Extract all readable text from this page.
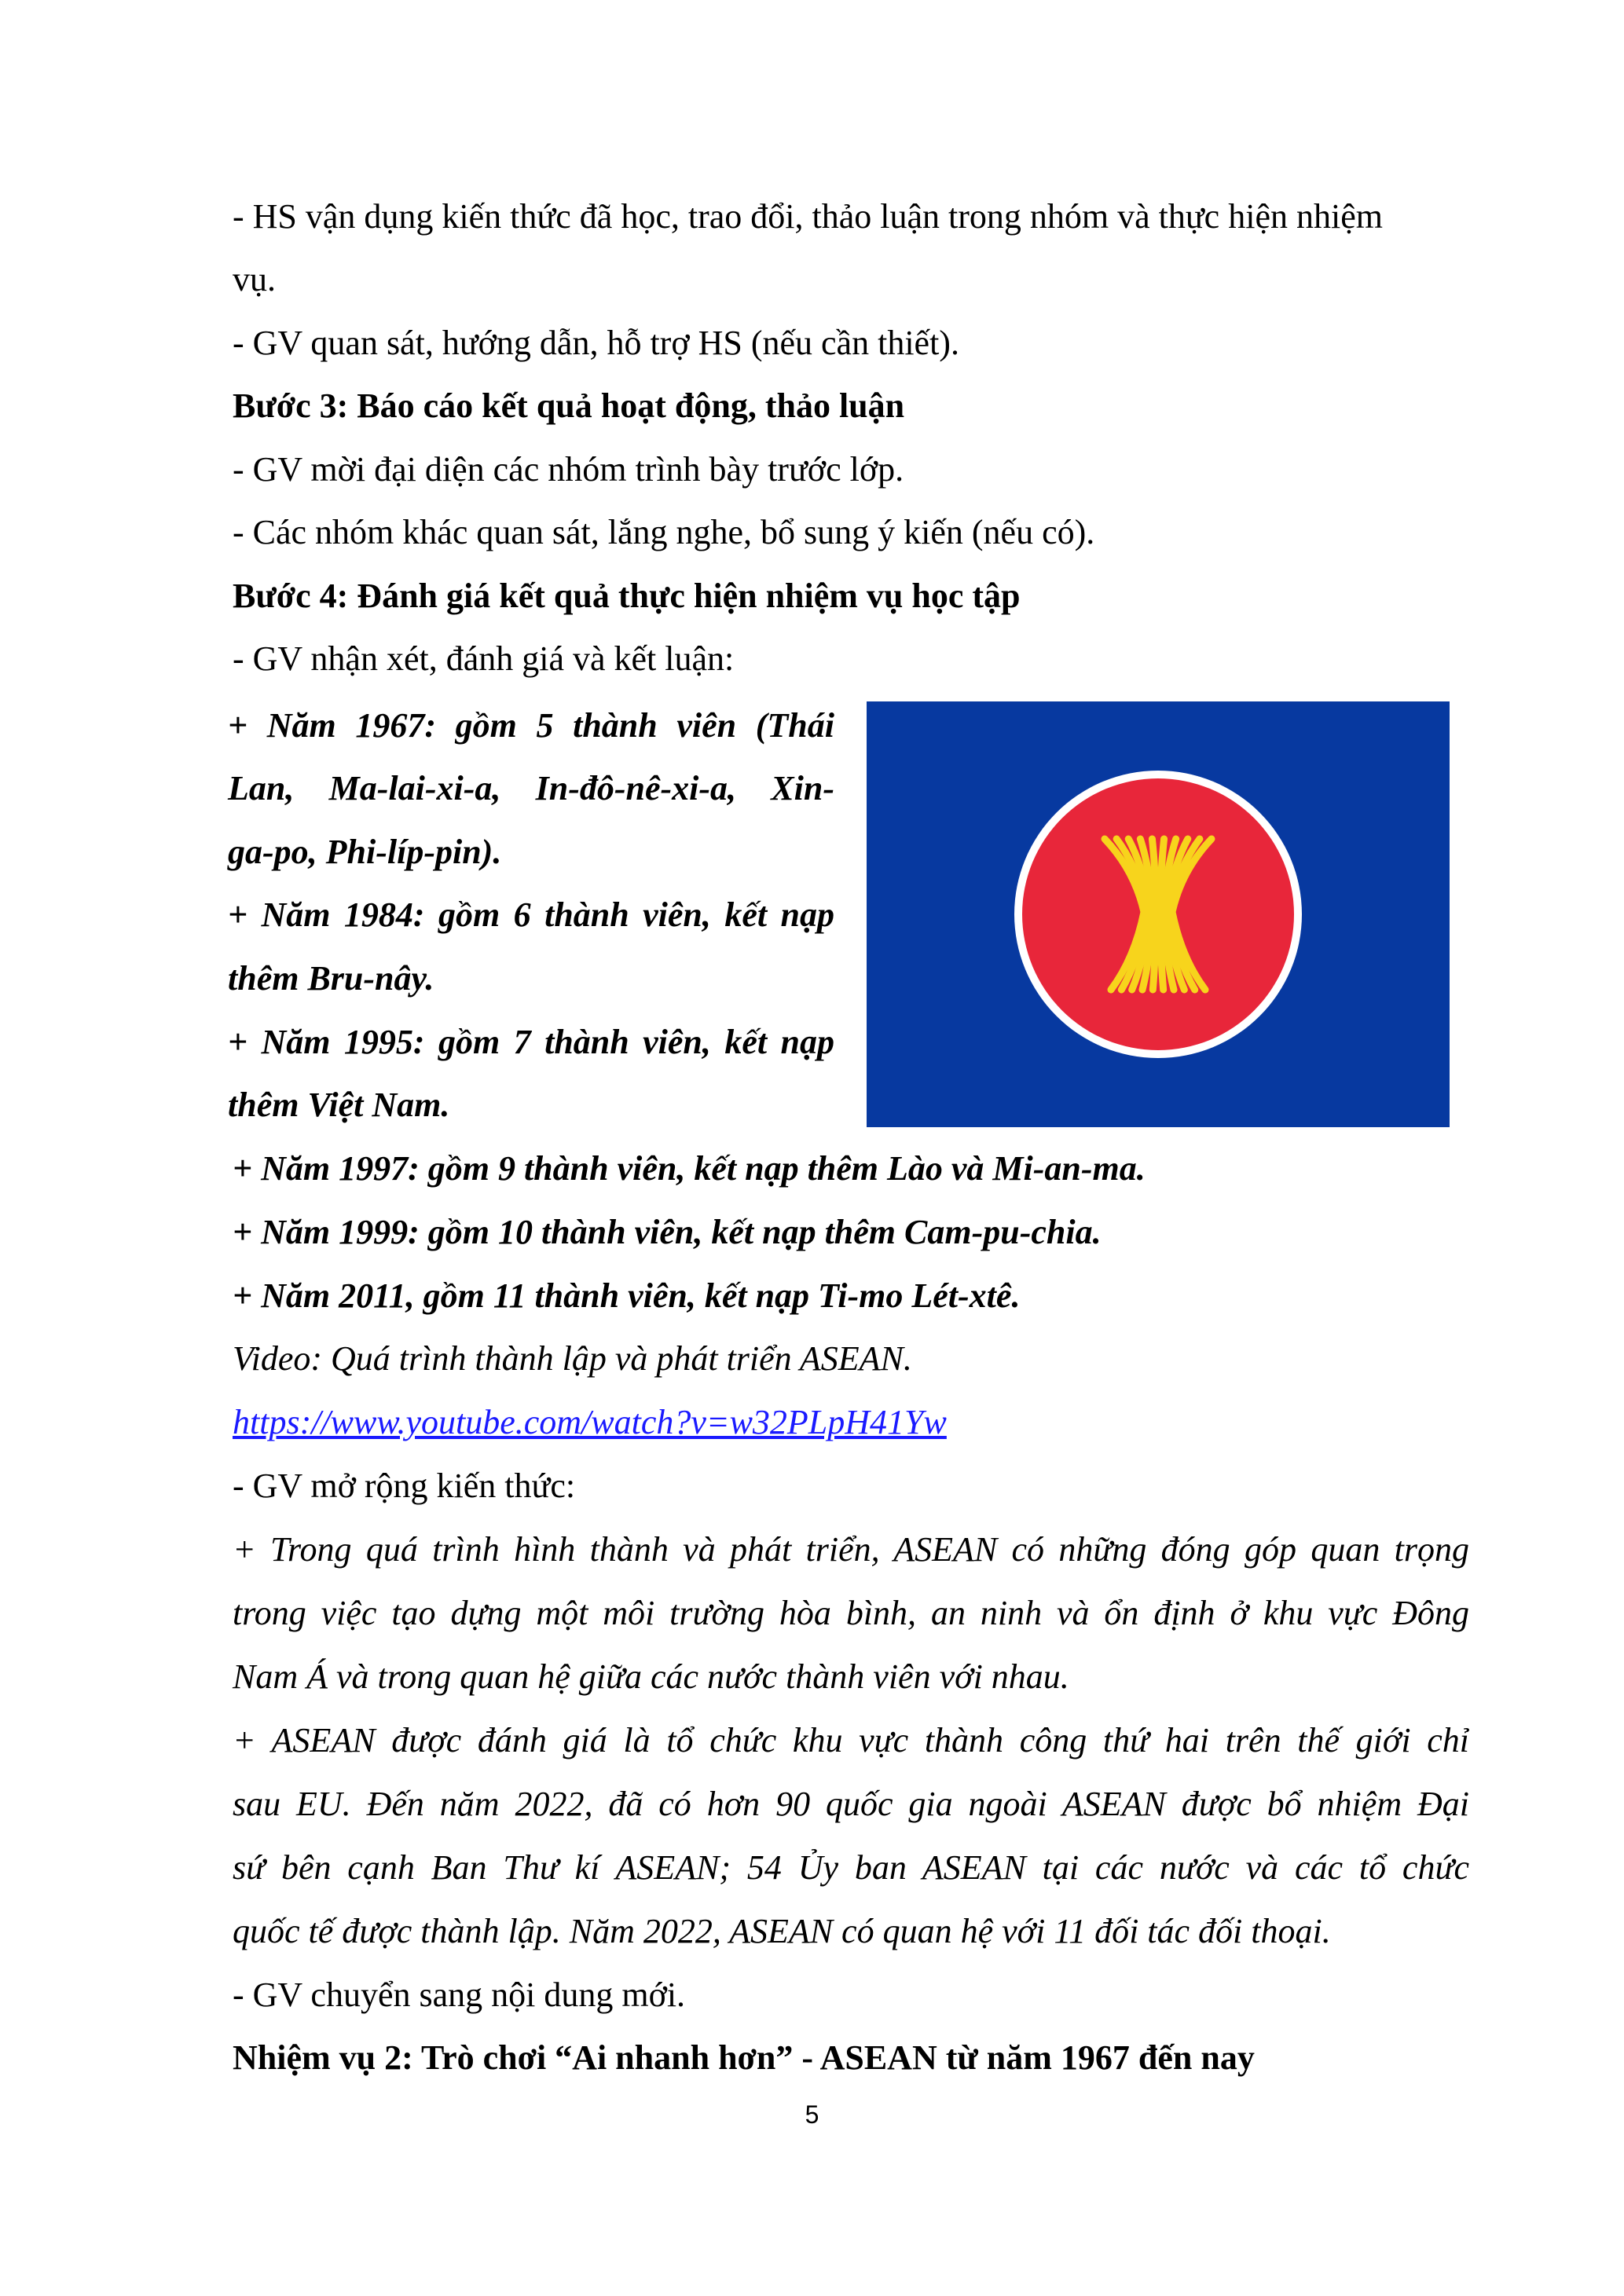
- HS vận dụng kiến thức đã học, trao đổi, thảo luận trong nhóm và thực hiện nhiệm
vụ.
- GV quan sát, hướng dẫn, hỗ trợ HS (nếu cần thiết).
Bước 3: Báo cáo kết quả hoạt động, thảo luận
- GV mời đại diện các nhóm trình bày trước lớp.
- Các nhóm khác quan sát, lắng nghe, bổ sung ý kiến (nếu có).
Bước 4: Đánh giá kết quả thực hiện nhiệm vụ học tập
- GV nhận xét, đánh giá và kết luận:
+ Năm 1967: gồm 5 thành viên (Thái
Lan, Ma-lai-xi-a, In-đô-nê-xi-a, Xin-
ga-po, Phi-líp-pin).
+ Năm 1984: gồm 6 thành viên, kết nạp
thêm Bru-nây.
+ Năm 1995: gồm 7 thành viên, kết nạp
thêm Việt Nam.
+ Năm 1997: gồm 9 thành viên, kết nạp thêm Lào và Mi-an-ma.
+ Năm 1999: gồm 10 thành viên, kết nạp thêm Cam-pu-chia.
+ Năm 2011, gồm 11 thành viên, kết nạp Ti-mo Lét-xtê.
Video: Quá trình thành lập và phát triển ASEAN.
https://www.youtube.com/watch?v=w32PLpH41Yw
- GV mở rộng kiến thức:
+ Trong quá trình hình thành và phát triển, ASEAN có những đóng góp quan trọng
trong việc tạo dựng một môi trường hòa bình, an ninh và ổn định ở khu vực Đông
Nam Á và trong quan hệ giữa các nước thành viên với nhau.
+ ASEAN được đánh giá là tổ chức khu vực thành công thứ hai trên thế giới chỉ
sau EU. Đến năm 2022, đã có hơn 90 quốc gia ngoài ASEAN được bổ nhiệm Đại
sứ bên cạnh Ban Thư kí ASEAN; 54 Ủy ban ASEAN tại các nước và các tổ chức
quốc tế được thành lập. Năm 2022, ASEAN có quan hệ với 11 đối tác đối thoại.
- GV chuyển sang nội dung mới.
Nhiệm vụ 2: Trò chơi “Ai nhanh hơn” - ASEAN từ năm 1967 đến nay
5
